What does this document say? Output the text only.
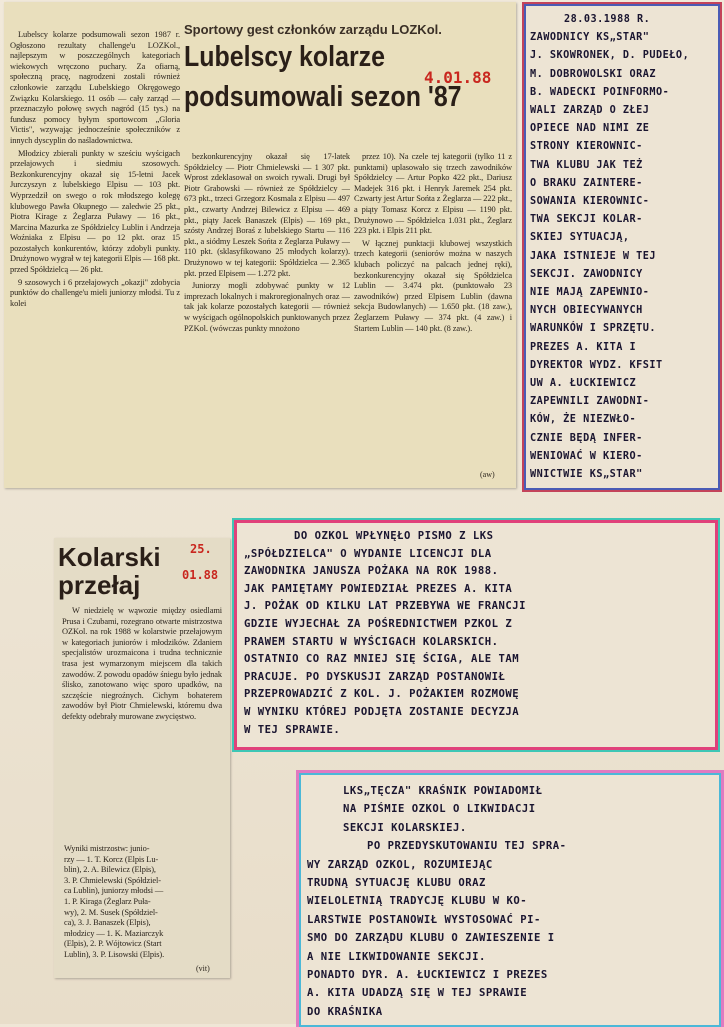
Lubelscy kolarze podsumowali sezon 1987 r. Ogłoszono rezultaty challenge'u LOZKol., najlepszym w poszczególnych kategoriach wiekowych wręczono puchary. Za ofiarną, społeczną pracę, nagrodzeni zostali również członkowie zarządu Lubelskiego Okręgowego Związku Kolarskiego. 11 osób — cały zarząd — przeznaczyło połowę swych nagród (15 tys.) na fundusz pomocy byłym sportowcom „Gloria Victis", wzywając jednocześnie społeczników z innych dyscyplin do naśladownictwa.

Młodzicy zbierali punkty w sześciu wyścigach przełajowych i siedmiu szosowych. Bezkonkurencyjny okazał się 15-letni Jacek Jurczyszyn z lubelskiego Elpisu — 103 pkt. Wyprzedził on swego o rok młodszego kolegę klubowego Pawła Okupnego — zaledwie 25 pkt., Piotra Kirage z Żeglarza Puławy — 16 pkt., Marcina Mazurka ze Spółdzielcy Lublin i Andrzeja Woźniaka z Elpisu — po 12 pkt. oraz 15 pozostałych konkurentów, którzy zdobyli punkty. Drużynowo wygrał w tej kategorii Elpis — 168 pkt. przed Spółdzielcą — 26 pkt.

9 szosowych i 6 przełajowych „okazji" zdobycia punktów do challenge'u mieli juniorzy młodsi. Tu z kolei

Sportowy gest członków zarządu LOZKol.
Lubelscy kolarze
podsumowali sezon '87
4.01.88

bezkonkurencyjny okazał się 17-latek Spółdzielcy — Piotr Chmielewski — 1 307 pkt. Wprost zdeklasował on swoich rywali. Drugi był Piotr Grabowski — również ze Spółdzielcy — 673 pkt., trzeci Grzegorz Kosmala z Elpisu — 497 pkt., czwarty Andrzej Bilewicz z Elpisu — 469 pkt., piąty Jacek Banaszek (Elpis) — 169 pkt., szósty Andrzej Boraś z lubelskiego Startu — 116 pkt., a siódmy Leszek Sońta z Żeglarza Puławy — 110 pkt. (sklasyfikowano 25 młodych kolarzy). Drużynowo w tej kategorii: Spółdzielca — 2.365 pkt. przed Elpisem — 1.272 pkt.

Juniorzy mogli zdobywać punkty w 12 imprezach lokalnych i makroregionalnych oraz — tak jak kolarze pozostałych kategorii — również w wyścigach ogólnopolskich punktowanych przez PZKol. (wówczas punkty mnożono

przez 10). Na czele tej kategorii (tylko 11 z punktami) uplasowało się trzech zawodników Spółdzielcy — Artur Popko 422 pkt., Dariusz Madejek 316 pkt. i Henryk Jaremek 254 pkt. Czwarty jest Artur Sońta z Żeglarza — 222 pkt., a piąty Tomasz Korcz z Elpisu — 1190 pkt. Drużynowo — Spółdzielca 1.031 pkt., Żeglarz 223 pkt. i Elpis 211 pkt.

W łącznej punktacji klubowej wszystkich trzech kategorii (seniorów można w naszych klubach policzyć na palcach jednej ręki), bezkonkurencyjny okazał się Spółdzielca Lublin — 3.474 pkt. (punktowało 23 zawodników) przed Elpisem Lublin (dawna sekcja Budowlanych) — 1.650 pkt. (18 zaw.), Żeglarzem Puławy — 374 pkt. (4 zaw.) i Startem Lublin — 140 pkt. (8 zaw.).

(aw)
28.03.1988 R.
ZAWODNICY KS„STAR"
J. SKOWRONEK, D. PUDEŁO,
M. DOBROWOLSKI ORAZ
B. WADECKI POINFORMO-
WALI ZARZĄD O ZŁEJ
OPIECE NAD NIMI ZE
STRONY KIEROWNIC-
TWA KLUBU JAK TEŻ
O BRAKU ZAINTERE-
SOWANIA KIEROWNIC-
TWA SEKCJI KOLAR-
SKIEJ SYTUACJĄ,
JAKA ISTNIEJE W TEJ
SEKCJI. ZAWODNICY
NIE MAJĄ ZAPEWNIO-
NYCH OBIECYWANYCH
WARUNKÓW I SPRZĘTU.
PREZES A. KITA I
DYREKTOR WYDZ. KFSIT
UW A. ŁUCKIEWICZ
ZAPEWNILI ZAWODNI-
KÓW, ŻE NIEZWŁO-
CZNIE BĘDĄ INFER-
WENIOWAĆ W KIERO-
WNICTWIE KS„STAR"
Kolarski
przełaj
25.
01.88
W niedzielę w wąwozie między osiedlami Prusa i Czubami, rozegrano otwarte mistrzostwa OZKol. na rok 1988 w kolarstwie przełajowym w kategoriach juniorów i młodzików. Zdaniem specjalistów urozmaicona i trudna technicznie trasa jest wymarzonym miejscem dla takich zawodów. Z powodu opadów śniegu było jednak ślisko, zanotowano więc sporo upadków, na szczęście niegroźnych. Cichym bohaterem zawodów był Piotr Chmielewski, któremu dwa defekty odebrały murowane zwycięstwo.
Wyniki mistrzostw: junio-
rzy — 1. T. Korcz (Elpis Lu-
blin), 2. A. Bilewicz (Elpis),
3. P. Chmielewski (Spółdziel-
ca Lublin), juniorzy młodsi —
1. P. Kiraga (Żeglarz Puła-
wy), 2. M. Susek (Spółdziel-
ca), 3. J. Banaszek (Elpis),
młodzicy — 1. K. Maziarczyk
(Elpis), 2. P. Wójtowicz (Start
Lublin), 3. P. Lisowski (Elpis).
(vit)
DO OZKOL WPŁYNĘŁO PISMO Z LKS
„SPÓŁDZIELCA" O WYDANIE LICENCJI DLA
ZAWODNIKA JANUSZA POŻAKA NA ROK 1988.
JAK PAMIĘTAMY POWIEDZIAŁ PREZES A. KITA
J. POŻAK OD KILKU LAT PRZEBYWA WE FRANCJI
GDZIE WYJECHAŁ ZA POŚREDNICTWEM PZKOL Z
PRAWEM STARTU W WYŚCIGACH KOLARSKICH.
OSTATNIO CO RAZ MNIEJ SIĘ ŚCIGA, ALE TAM
PRACUJE. PO DYSKUSJI ZARZĄD POSTANOWIŁ
PRZEPROWADZIĆ Z KOL. J. POŻAKIEM ROZMOWĘ
W WYNIKU KTÓREJ PODJĘTA ZOSTANIE DECYZJA
W TEJ SPRAWIE.
LKS„TĘCZA" KRAŚNIK POWIADOMIŁ
NA PIŚMIE OZKOL O LIKWIDACJI
SEKCJI KOLARSKIEJ.
PO PRZEDYSKUTOWANIU TEJ SPRA-
WY ZARZĄD OZKOL, ROZUMIEJĄC
TRUDNĄ SYTUACJĘ KLUBU ORAZ
WIELOLETNIĄ TRADYCJĘ KLUBU W KO-
LARSTWIE POSTANOWIŁ WYSTOSOWAĆ PI-
SMO DO ZARZĄDU KLUBU O ZAWIESZENIE I
A NIE LIKWIDOWANIE SEKCJI.
PONADTO DYR. A. ŁUCKIEWICZ I PREZES
A. KITA UDADZĄ SIĘ W TEJ SPRAWIE
DO KRAŚNIKA
